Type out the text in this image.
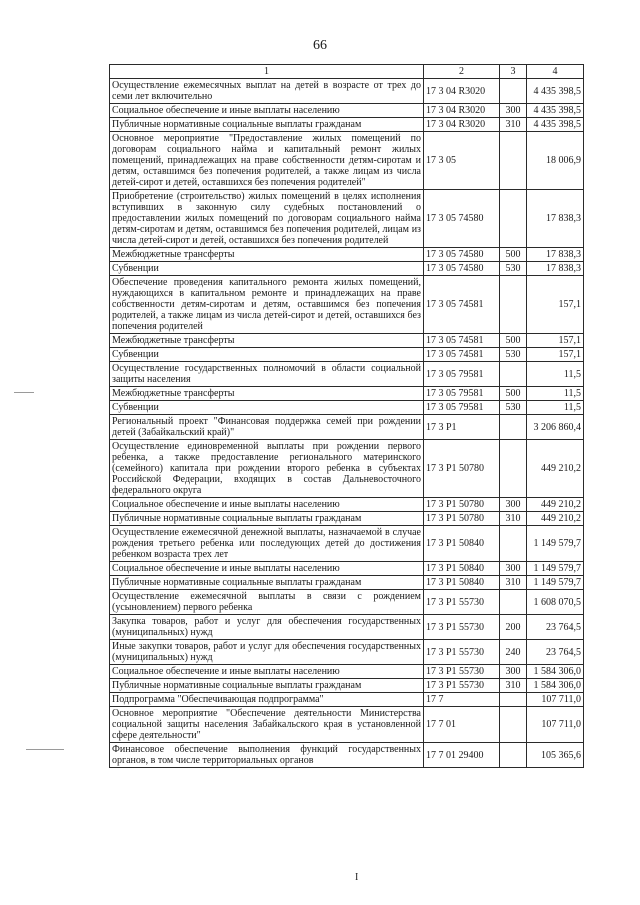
66
1	2	3	4
Осуществление ежемесячных выплат на детей в возрасте от трех до семи лет включительно	17 3 04 R3020		4 435 398,5
Социальное обеспечение и иные выплаты населению	17 3 04 R3020	300	4 435 398,5
Публичные нормативные социальные выплаты гражданам	17 3 04 R3020	310	4 435 398,5
Основное мероприятие "Предоставление жилых помещений по договорам социального найма и капитальный ремонт жилых помещений, принадлежащих на праве собственности детям-сиротам и детям, оставшимся без попечения родителей, а также лицам из числа детей-сирот и детей, оставшихся без попечения родителей"	17 3 05		18 006,9
Приобретение (строительство) жилых помещений в целях исполнения вступивших в законную силу судебных постановлений о предоставлении жилых помещений по договорам социального найма детям-сиротам и детям, оставшимся без попечения родителей, лицам из числа детей-сирот и детей, оставшихся без попечения родителей	17 3 05 74580		17 838,3
Межбюджетные трансферты	17 3 05 74580	500	17 838,3
Субвенции	17 3 05 74580	530	17 838,3
Обеспечение проведения капитального ремонта жилых помещений, нуждающихся в капитальном ремонте и принадлежащих на праве собственности детям-сиротам и детям, оставшимся без попечения родителей, а также лицам из числа детей-сирот и детей, оставшихся без попечения родителей	17 3 05 74581		157,1
Межбюджетные трансферты	17 3 05 74581	500	157,1
Субвенции	17 3 05 74581	530	157,1
Осуществление государственных полномочий в области социальной защиты населения	17 3 05 79581		11,5
Межбюджетные трансферты	17 3 05 79581	500	11,5
Субвенции	17 3 05 79581	530	11,5
Региональный проект "Финансовая поддержка семей при рождении детей (Забайкальский край)"	17 3 P1		3 206 860,4
Осуществление единовременной выплаты при рождении первого ребенка, а также предоставление регионального материнского (семейного) капитала при рождении второго ребенка в субъектах Российской Федерации, входящих в состав Дальневосточного федерального округа	17 3 P1 50780		449 210,2
Социальное обеспечение и иные выплаты населению	17 3 P1 50780	300	449 210,2
Публичные нормативные социальные выплаты гражданам	17 3 P1 50780	310	449 210,2
Осуществление ежемесячной денежной выплаты, назначаемой в случае рождения третьего ребенка или последующих детей до достижения ребенком возраста трех лет	17 3 P1 50840		1 149 579,7
Социальное обеспечение и иные выплаты населению	17 3 P1 50840	300	1 149 579,7
Публичные нормативные социальные выплаты гражданам	17 3 P1 50840	310	1 149 579,7
Осуществление ежемесячной выплаты в связи с рождением (усыновлением) первого ребенка	17 3 P1 55730		1 608 070,5
Закупка товаров, работ и услуг для обеспечения государственных (муниципальных) нужд	17 3 P1 55730	200	23 764,5
Иные закупки товаров, работ и услуг для обеспечения государственных (муниципальных) нужд	17 3 P1 55730	240	23 764,5
Социальное обеспечение и иные выплаты населению	17 3 P1 55730	300	1 584 306,0
Публичные нормативные социальные выплаты гражданам	17 3 P1 55730	310	1 584 306,0
Подпрограмма "Обеспечивающая подпрограмма"	17 7		107 711,0
Основное мероприятие "Обеспечение деятельности Министерства социальной защиты населения Забайкальского края в установленной сфере деятельности"	17 7 01		107 711,0
Финансовое обеспечение выполнения функций государственных органов, в том числе территориальных органов	17 7 01 29400		105 365,6
I
